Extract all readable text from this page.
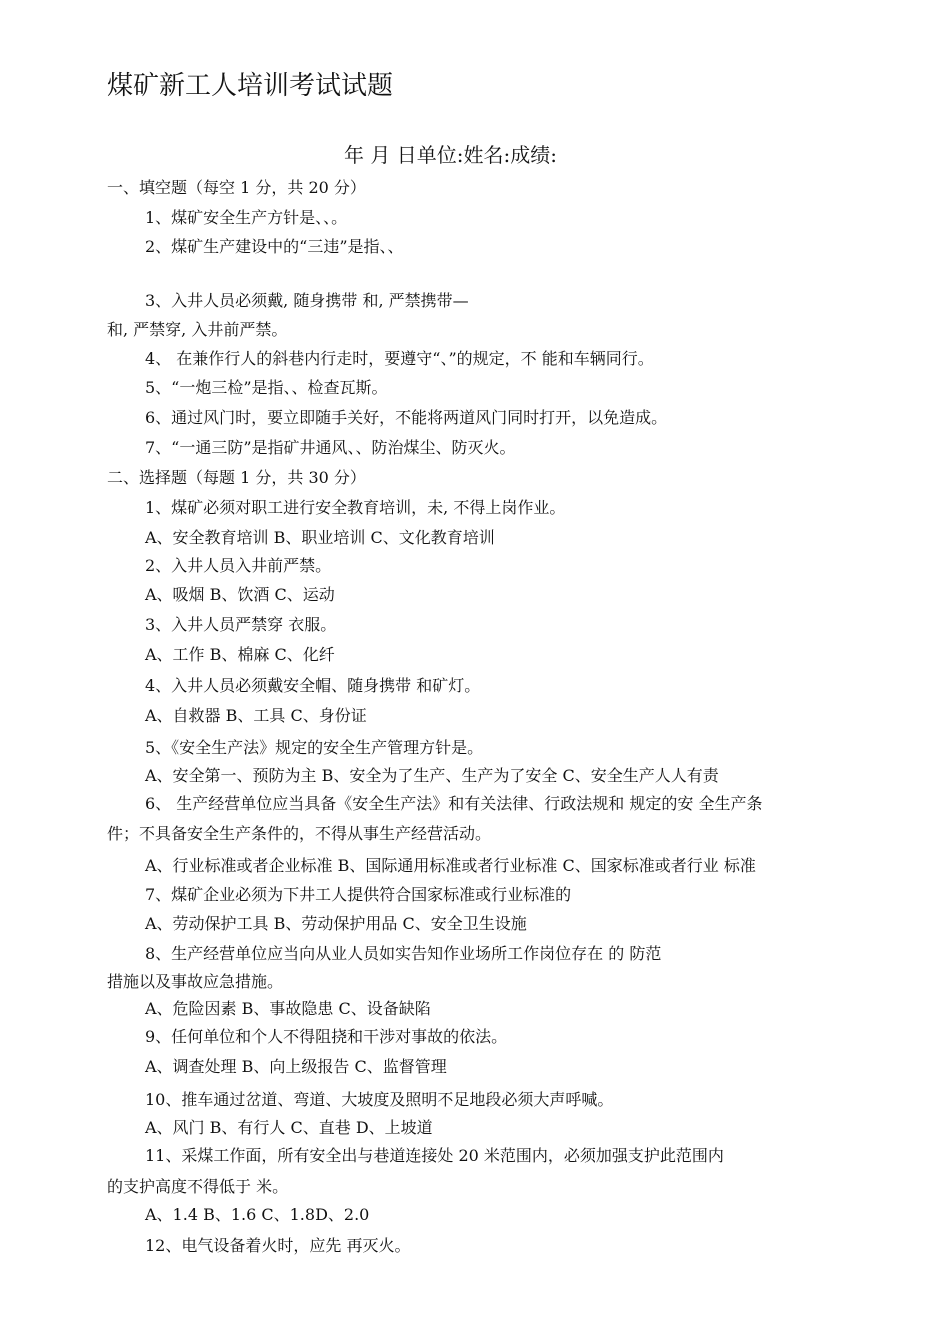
煤矿新工人培训考试试题
年 月 日单位:姓名:成绩:
一、填空题（每空 1 分，共 20 分）
1、煤矿安全生产方针是、、。
2、煤矿生产建设中的“三违”是指、、
3、入井人员必须戴, 随身携带 和, 严禁携带—
和, 严禁穿, 入井前严禁。
4、 在兼作行人的斜巷内行走时，要遵守“、”的规定，不 能和车辆同行。
5、“一炮三检”是指、、检查瓦斯。
6、通过风门时，要立即随手关好，不能将两道风门同时打开，以免造成。
7、“一通三防”是指矿井通风、、防治煤尘、防灭火。
二、选择题（每题 1 分，共 30 分）
1、煤矿必须对职工进行安全教育培训，未, 不得上岗作业。
A、安全教育培训 B、职业培训 C、文化教育培训
2、入井人员入井前严禁。
A、吸烟 B、饮酒 C、运动
3、入井人员严禁穿 衣服。
A、工作 B、棉麻 C、化纤
4、入井人员必须戴安全帽、随身携带 和矿灯。
A、自救器 B、工具 C、身份证
5、《安全生产法》规定的安全生产管理方针是。
A、安全第一、预防为主 B、安全为了生产、生产为了安全 C、安全生产人人有责
6、 生产经营单位应当具备《安全生产法》和有关法律、行政法规和 规定的安 全生产条
件；不具备安全生产条件的，不得从事生产经营活动。
A、行业标准或者企业标准 B、国际通用标准或者行业标准 C、国家标准或者行业 标准
7、煤矿企业必须为下井工人提供符合国家标准或行业标准的
A、劳动保护工具 B、劳动保护用品 C、安全卫生设施
8、生产经营单位应当向从业人员如实告知作业场所工作岗位存在 的 防范
措施以及事故应急措施。
A、危险因素 B、事故隐患 C、设备缺陷
9、任何单位和个人不得阻挠和干涉对事故的依法。
A、调查处理 B、向上级报告 C、监督管理
10、推车通过岔道、弯道、大坡度及照明不足地段必须大声呼喊。
A、风门 B、有行人 C、直巷 D、上坡道
11、采煤工作面，所有安全出与巷道连接处 20 米范围内，必须加强支护此范围内
的支护高度不得低于 米。
A、1.4 B、1.6 C、1.8D、2.0
12、电气设备着火时，应先 再灭火。
